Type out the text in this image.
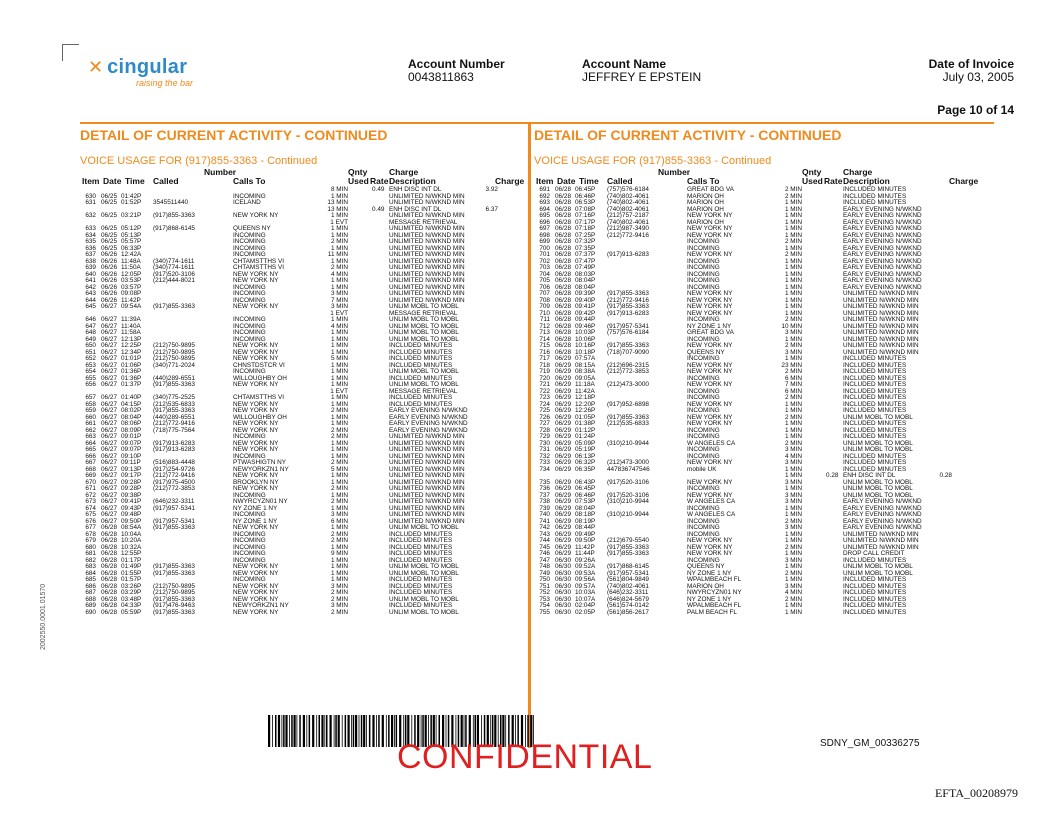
✕ cingular
raising the bar
Account Number
0043811863
Account Name
JEFFREY E EPSTEIN
Date of Invoice
July 03, 2005
Page 10 of 14
DETAIL OF CURRENT ACTIVITY - CONTINUED
VOICE USAGE FOR (917)855-3363 - Continued
Number	Qnty	Charge
Item Date Time Called	Calls To	Used Rate Description	Charge
8 MIN	0.49 ENH DISC INT DL	3.92
630 06/25 01:42P	INCOMING	1 MIN	UNLIMITED N/WKND MIN
631 06/25 01:52P 3545511440	ICELAND	13 MIN	UNLIMITED N/WKND MIN
13 MIN	0.49 ENH DISC INT DL	6.37
632 06/25 03:21P (917)855-3363	NEW YORK NY	1 MIN	UNLIMITED N/WKND MIN
1 EVT	MESSAGE RETRIEVAL
633 06/25 05:12P (917)868-6145	QUEENS NY	1 MIN	UNLIMITED N/WKND MIN
634 06/25 05:13P	INCOMING	1 MIN	UNLIMITED N/WKND MIN
635 06/25 05:57P	INCOMING	2 MIN	UNLIMITED N/WKND MIN
636 06/25 06:33P	INCOMING	1 MIN	UNLIMITED N/WKND MIN
637 06/26 12:42A	INCOMING	11 MIN	UNLIMITED N/WKND MIN
638 06/26 11:48A (340)774-1611	CHTAMSTTHS VI	1 MIN	UNLIMITED N/WKND MIN
639 06/26 11:50A (340)774-1611	CHTAMSTTHS VI	2 MIN	UNLIMITED N/WKND MIN
640 06/26 12:05P (917)520-3106	NEW YORK NY	4 MIN	UNLIMITED N/WKND MIN
641 06/26 03:53P (212)444-8021	NEW YORK NY	1 MIN	UNLIMITED N/WKND MIN
642 06/26 03:57P	INCOMING	1 MIN	UNLIMITED N/WKND MIN
643 06/26 09:08P	INCOMING	3 MIN	UNLIMITED N/WKND MIN
644 06/26 11:42P	INCOMING	7 MIN	UNLIMITED N/WKND MIN
645 06/27 09:54A (917)855-3363	NEW YORK NY	3 MIN	UNLIM MOBL TO MOBL
1 EVT	MESSAGE RETRIEVAL
646 06/27 11:39A	INCOMING	1 MIN	UNLIM MOBL TO MOBL
647 06/27 11:40A	INCOMING	4 MIN	UNLIM MOBL TO MOBL
648 06/27 11:58A	INCOMING	1 MIN	UNLIM MOBL TO MOBL
649 06/27 12:13P	INCOMING	1 MIN	UNLIM MOBL TO MOBL
650 06/27 12:25P (212)750-9895	NEW YORK NY	1 MIN	INCLUDED MINUTES
651 06/27 12:34P (212)750-9895	NEW YORK NY	1 MIN	INCLUDED MINUTES
652 06/27 01:01P (212)750-9895	NEW YORK NY	5 MIN	INCLUDED MINUTES
653 06/27 01:06P (340)771-2024	CHNSTDSTCR VI	1 MIN	INCLUDED MINUTES
654 06/27 01:36P	INCOMING	1 MIN	UNLIM MOBL TO MOBL
655 06/27 01:36P (440)289-6551	WILLOUGHBY OH	1 MIN	INCLUDED MINUTES
656 06/27 01:37P (917)855-3363	NEW YORK NY	1 MIN	UNLIM MOBL TO MOBL
1 EVT	MESSAGE RETRIEVAL
657 06/27 01:40P (340)775-2525	CHTAMSTTHS VI	1 MIN	INCLUDED MINUTES
658 06/27 04:15P (212)535-6833	NEW YORK NY	1 MIN	INCLUDED MINUTES
659 06/27 08:02P (917)855-3363	NEW YORK NY	2 MIN	EARLY EVENING N/WKND
660 06/27 08:04P (440)289-6551	WILLOUGHBY OH	1 MIN	EARLY EVENING N/WKND
661 06/27 08:06P (212)772-9416	NEW YORK NY	1 MIN	EARLY EVENING N/WKND
662 06/27 08:09P (718)775-7564	NEW YORK NY	2 MIN	EARLY EVENING N/WKND
663 06/27 09:01P	INCOMING	2 MIN	UNLIMITED N/WKND MIN
664 06/27 09:07P (917)913-6283	NEW YORK NY	1 MIN	UNLIMITED N/WKND MIN
665 06/27 09:07P (917)913-6283	NEW YORK NY	1 MIN	UNLIMITED N/WKND MIN
666 06/27 09:10P	INCOMING	1 MIN	UNLIMITED N/WKND MIN
667 06/27 09:11P (516)883-4448	PTWASHIGTN NY	2 MIN	UNLIMITED N/WKND MIN
668 06/27 09:13P (917)254-9726	NEWYORKZN1 NY	5 MIN	UNLIMITED N/WKND MIN
669 06/27 09:17P (212)772-9416	NEW YORK NY	1 MIN	UNLIMITED N/WKND MIN
670 06/27 09:28P (917)975-4500	BROOKLYN NY	1 MIN	UNLIMITED N/WKND MIN
671 06/27 09:28P (212)772-3853	NEW YORK NY	2 MIN	UNLIMITED N/WKND MIN
672 06/27 09:38P	INCOMING	1 MIN	UNLIMITED N/WKND MIN
673 06/27 09:41P (646)232-3311	NWYRCYZN01 NY	2 MIN	UNLIMITED N/WKND MIN
674 06/27 09:43P (917)957-5341	NY ZONE 1 NY	1 MIN	UNLIMITED N/WKND MIN
675 06/27 09:48P	INCOMING	3 MIN	UNLIMITED N/WKND MIN
676 06/27 09:50P (917)957-5341	NY ZONE 1 NY	6 MIN	UNLIMITED N/WKND MIN
677 06/28 08:54A (917)855-3363	NEW YORK NY	1 MIN	UNLIM MOBL TO MOBL
678 06/28 10:04A	INCOMING	2 MIN	INCLUDED MINUTES
679 06/28 10:20A	INCOMING	2 MIN	INCLUDED MINUTES
680 06/28 10:32A	INCOMING	1 MIN	INCLUDED MINUTES
681 06/28 12:55P	INCOMING	9 MIN	INCLUDED MINUTES
682 06/28 01:17P	INCOMING	1 MIN	INCLUDED MINUTES
683 06/28 01:49P (917)855-3363	NEW YORK NY	1 MIN	UNLIM MOBL TO MOBL
684 06/28 01:55P (917)855-3363	NEW YORK NY	1 MIN	UNLIM MOBL TO MOBL
685 06/28 01:57P	INCOMING	1 MIN	INCLUDED MINUTES
686 06/28 03:26P (212)750-9895	NEW YORK NY	3 MIN	INCLUDED MINUTES
687 06/28 03:29P (212)750-9895	NEW YORK NY	2 MIN	INCLUDED MINUTES
688 06/28 03:48P (917)855-3363	NEW YORK NY	2 MIN	UNLIM MOBL TO MOBL
689 06/28 04:33P (917)476-9463	NEWYORKZN1 NY	3 MIN	INCLUDED MINUTES
690 06/28 05:59P (917)855-3363	NEW YORK NY	2 MIN	UNLIM MOBL TO MOBL
DETAIL OF CURRENT ACTIVITY - CONTINUED
VOICE USAGE FOR (917)855-3363 - Continued
Number	Qnty	Charge
Item Date Time Called	Calls To	Used Rate Description	Charge
691 06/28 06:45P (757)576-6184	GREAT BDG VA	2 MIN	INCLUDED MINUTES
692 06/28 06:46P (740)802-4061	MARION OH	2 MIN	INCLUDED MINUTES
693 06/28 06:53P (740)802-4061	MARION OH	1 MIN	INCLUDED MINUTES
694 06/28 07:08P (740)802-4061	MARION OH	1 MIN	EARLY EVENING N/WKND
695 06/28 07:16P (212)757-2187	NEW YORK NY	1 MIN	EARLY EVENING N/WKND
696 06/28 07:17P (740)802-4061	MARION OH	1 MIN	EARLY EVENING N/WKND
697 06/28 07:18P (212)987-3490	NEW YORK NY	1 MIN	EARLY EVENING N/WKND
698 06/28 07:25P (212)772-9416	NEW YORK NY	1 MIN	EARLY EVENING N/WKND
699 06/28 07:32P	INCOMING	2 MIN	EARLY EVENING N/WKND
700 06/28 07:35P	INCOMING	1 MIN	EARLY EVENING N/WKND
701 06/28 07:37P (917)913-6283	NEW YORK NY	2 MIN	EARLY EVENING N/WKND
702 06/28 07:47P	INCOMING	1 MIN	EARLY EVENING N/WKND
703 06/28 07:49P	INCOMING	1 MIN	EARLY EVENING N/WKND
704 06/28 08:03P	INCOMING	1 MIN	EARLY EVENING N/WKND
705 06/28 08:04P	INCOMING	1 MIN	EARLY EVENING N/WKND
706 06/28 08:04P	INCOMING	1 MIN	EARLY EVENING N/WKND
707 06/28 09:39P (917)855-3363	NEW YORK NY	1 MIN	UNLIMITED N/WKND MIN
708 06/28 09:40P (212)772-9416	NEW YORK NY	1 MIN	UNLIMITED N/WKND MIN
709 06/28 09:41P (917)855-3363	NEW YORK NY	1 MIN	UNLIMITED N/WKND MIN
710 06/28 09:42P (917)913-6283	NEW YORK NY	1 MIN	UNLIMITED N/WKND MIN
711 06/28 09:44P	INCOMING	2 MIN	UNLIMITED N/WKND MIN
712 06/28 09:46P (917)957-5341	NY ZONE 1 NY	10 MIN	UNLIMITED N/WKND MIN
713 06/28 10:03P (757)576-6184	GREAT BDG VA	3 MIN	UNLIMITED N/WKND MIN
714 06/28 10:06P	INCOMING	1 MIN	UNLIMITED N/WKND MIN
715 06/28 10:16P (917)855-3363	NEW YORK NY	2 MIN	UNLIMITED N/WKND MIN
716 06/28 10:18P (718)707-9090	QUEENS NY	3 MIN	UNLIMITED N/WKND MIN
717 06/29 07:57A	INCOMING	1 MIN	INCLUDED MINUTES
718 06/29 08:15A (212)696-2315	NEW YORK NY	23 MIN	INCLUDED MINUTES
719 06/29 08:38A (212)772-3853	NEW YORK NY	2 MIN	INCLUDED MINUTES
720 06/29 09:05A	INCOMING	6 MIN	INCLUDED MINUTES
721 06/29 11:18A (212)473-3000	NEW YORK NY	7 MIN	INCLUDED MINUTES
722 06/29 11:42A	INCOMING	6 MIN	INCLUDED MINUTES
723 06/29 12:18P	INCOMING	2 MIN	INCLUDED MINUTES
724 06/29 12:20P (917)952-6898	NEW YORK NY	1 MIN	INCLUDED MINUTES
725 06/29 12:26P	INCOMING	1 MIN	INCLUDED MINUTES
726 06/29 01:05P (917)855-3363	NEW YORK NY	2 MIN	UNLIM MOBL TO MOBL
727 06/29 01:38P (212)535-6833	NEW YORK NY	1 MIN	INCLUDED MINUTES
728 06/29 01:12P	INCOMING	1 MIN	INCLUDED MINUTES
729 06/29 01:24P	INCOMING	1 MIN	INCLUDED MINUTES
730 06/29 05:09P (310)210-9944	W ANGELES CA	2 MIN	UNLIM MOBL TO MOBL
731 06/29 05:19P	INCOMING	3 MIN	UNLIM MOBL TO MOBL
732 06/29 06:13P	INCOMING	4 MIN	INCLUDED MINUTES
733 06/29 06:32P (212)473-3000	NEW YORK NY	3 MIN	INCLUDED MINUTES
734 06/29 06:35P 447836747546	mobile UK	1 MIN	INCLUDED MINUTES
1 MIN	0.28 ENH DISC INT DL	0.28
735 06/29 06:43P (917)520-3106	NEW YORK NY	3 MIN	UNLIM MOBL TO MOBL
736 06/29 06:45P	INCOMING	1 MIN	UNLIM MOBL TO MOBL
737 06/29 06:46P (917)520-3106	NEW YORK NY	3 MIN	UNLIM MOBL TO MOBL
738 06/29 07:53P (310)210-9944	W ANGELES CA	3 MIN	EARLY EVENING N/WKND
739 06/29 08:04P	INCOMING	1 MIN	EARLY EVENING N/WKND
740 06/29 08:18P (310)210-9944	W ANGELES CA	1 MIN	EARLY EVENING N/WKND
741 06/29 08:19P	INCOMING	2 MIN	EARLY EVENING N/WKND
742 06/29 08:44P	INCOMING	3 MIN	EARLY EVENING N/WKND
743 06/29 09:49P	INCOMING	1 MIN	UNLIMITED N/WKND MIN
744 06/29 09:50P (212)679-5540	NEW YORK NY	1 MIN	UNLIMITED N/WKND MIN
745 06/29 11:42P (917)855-3363	NEW YORK NY	2 MIN	UNLIMITED N/WKND MIN
746 06/29 11:44P (917)855-3363	NEW YORK NY	1 MIN	DROP CALL CREDIT
747 06/30 09:26A	INCOMING	3 MIN	INCLUDED MINUTES
748 06/30 09:52A (917)868-6145	QUEENS NY	1 MIN	UNLIM MOBL TO MOBL
749 06/30 09:53A (917)957-5341	NY ZONE 1 NY	2 MIN	UNLIM MOBL TO MOBL
750 06/30 09:56A (561)804-9849	WPALMBEACH FL	1 MIN	INCLUDED MINUTES
751 06/30 09:57A (740)802-4061	MARION OH	3 MIN	INCLUDED MINUTES
752 06/30 10:03A (646)232-3311	NWYRCYZN01 NY	4 MIN	INCLUDED MINUTES
753 06/30 10:07A (646)824-5679	NY ZONE 1 NY	2 MIN	INCLUDED MINUTES
754 06/30 02:04P (561)574-0142	WPALMBEACH FL	1 MIN	INCLUDED MINUTES
755 06/30 02:05P (561)856-2617	PALM BEACH FL	1 MIN	INCLUDED MINUTES
CONFIDENTIAL	SDNY_GM_00336275
EFTA_00208979
2002550.0001.01570
